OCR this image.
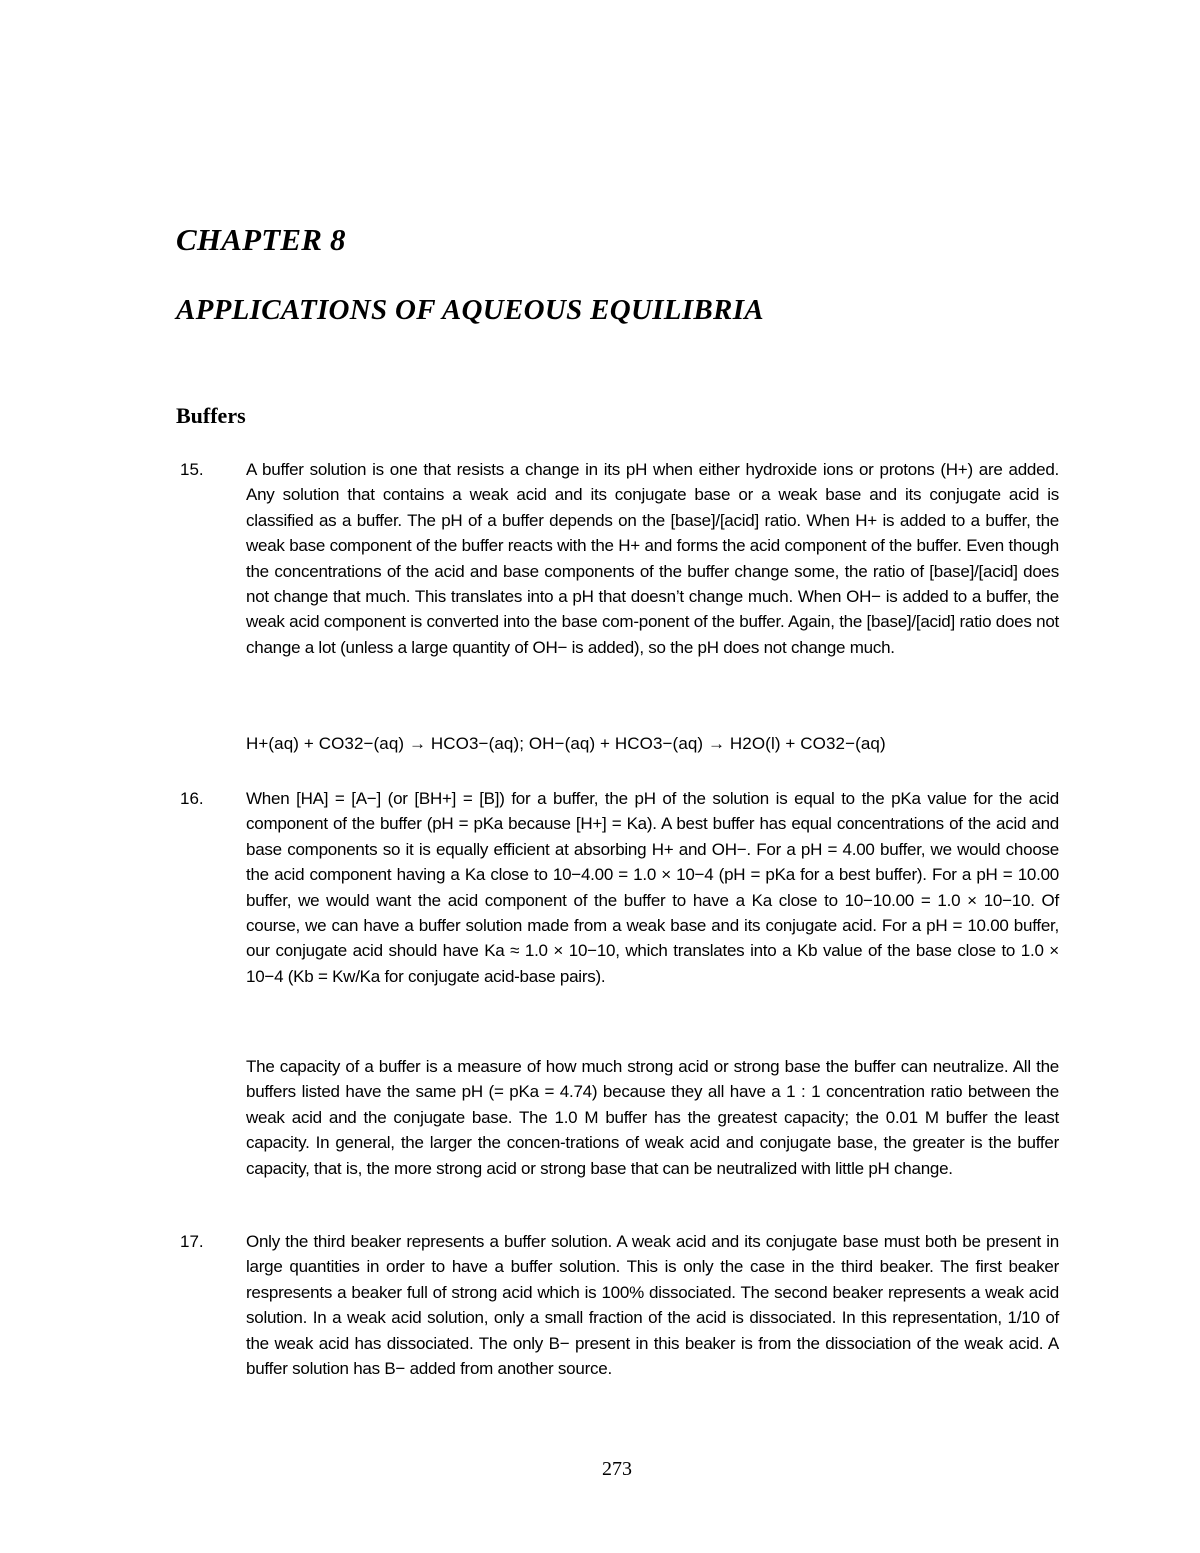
CHAPTER 8
APPLICATIONS OF AQUEOUS EQUILIBRIA
Buffers
15. A buffer solution is one that resists a change in its pH when either hydroxide ions or protons (H+) are added. Any solution that contains a weak acid and its conjugate base or a weak base and its conjugate acid is classified as a buffer. The pH of a buffer depends on the [base]/[acid] ratio. When H+ is added to a buffer, the weak base component of the buffer reacts with the H+ and forms the acid component of the buffer. Even though the concentrations of the acid and base components of the buffer change some, the ratio of [base]/[acid] does not change that much. This translates into a pH that doesn’t change much. When OH− is added to a buffer, the weak acid component is converted into the base com-ponent of the buffer. Again, the [base]/[acid] ratio does not change a lot (unless a large quantity of OH− is added), so the pH does not change much.

H+(aq) + CO32−(aq) → HCO3−(aq); OH−(aq) + HCO3−(aq) → H2O(l) + CO32−(aq)

16. When [HA] = [A−] (or [BH+] = [B]) for a buffer, the pH of the solution is equal to the pKa value for the acid component of the buffer (pH = pKa because [H+] = Ka). A best buffer has equal concentrations of the acid and base components so it is equally efficient at absorbing H+ and OH−. For a pH = 4.00 buffer, we would choose the acid component having a Ka close to 10−4.00 = 1.0 × 10−4 (pH = pKa for a best buffer). For a pH = 10.00 buffer, we would want the acid component of the buffer to have a Ka close to 10−10.00 = 1.0 × 10−10. Of course, we can have a buffer solution made from a weak base and its conjugate acid. For a pH = 10.00 buffer, our conjugate acid should have Ka ≈ 1.0 × 10−10, which translates into a Kb value of the base close to 1.0 × 10−4 (Kb = Kw/Ka for conjugate acid-base pairs).

The capacity of a buffer is a measure of how much strong acid or strong base the buffer can neutralize. All the buffers listed have the same pH (= pKa = 4.74) because they all have a 1 : 1 concentration ratio between the weak acid and the conjugate base. The 1.0 M buffer has the greatest capacity; the 0.01 M buffer the least capacity. In general, the larger the concen-trations of weak acid and conjugate base, the greater is the buffer capacity, that is, the more strong acid or strong base that can be neutralized with little pH change.

17. Only the third beaker represents a buffer solution. A weak acid and its conjugate base must both be present in large quantities in order to have a buffer solution. This is only the case in the third beaker. The first beaker respresents a beaker full of strong acid which is 100% dissociated. The second beaker represents a weak acid solution. In a weak acid solution, only a small fraction of the acid is dissociated. In this representation, 1/10 of the weak acid has dissociated. The only B− present in this beaker is from the dissociation of the weak acid. A buffer solution has B− added from another source.

273
